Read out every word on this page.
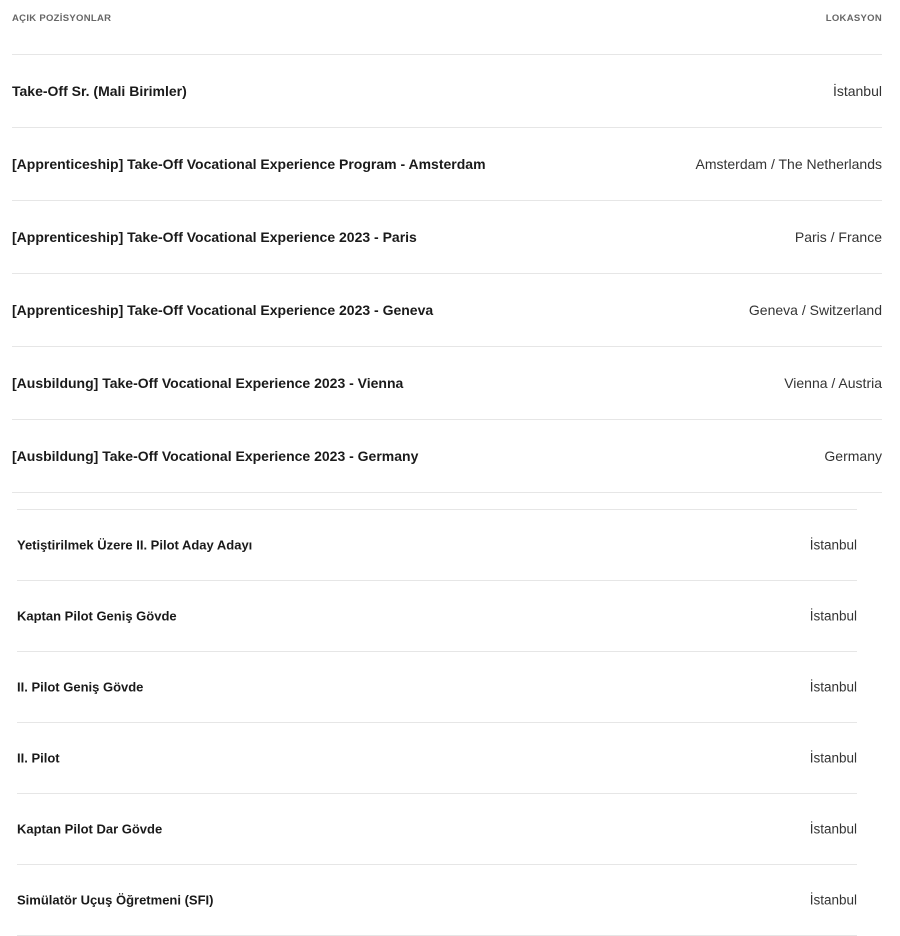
AÇIK POZİSYONLAR	LOKASYON
Take-Off Sr. (Mali Birimler)	İstanbul
[Apprenticeship] Take-Off Vocational Experience Program - Amsterdam	Amsterdam / The Netherlands
[Apprenticeship] Take-Off Vocational Experience 2023 - Paris	Paris / France
[Apprenticeship] Take-Off Vocational Experience 2023 - Geneva	Geneva / Switzerland
[Ausbildung] Take-Off Vocational Experience 2023 - Vienna	Vienna / Austria
[Ausbildung] Take-Off Vocational Experience 2023 - Germany	Germany
Yetiştirilmek Üzere II. Pilot Aday Adayı	İstanbul
Kaptan Pilot Geniş Gövde	İstanbul
II. Pilot Geniş Gövde	İstanbul
II. Pilot	İstanbul
Kaptan Pilot Dar Gövde	İstanbul
Simülatör Uçuş Öğretmeni (SFI)	İstanbul
